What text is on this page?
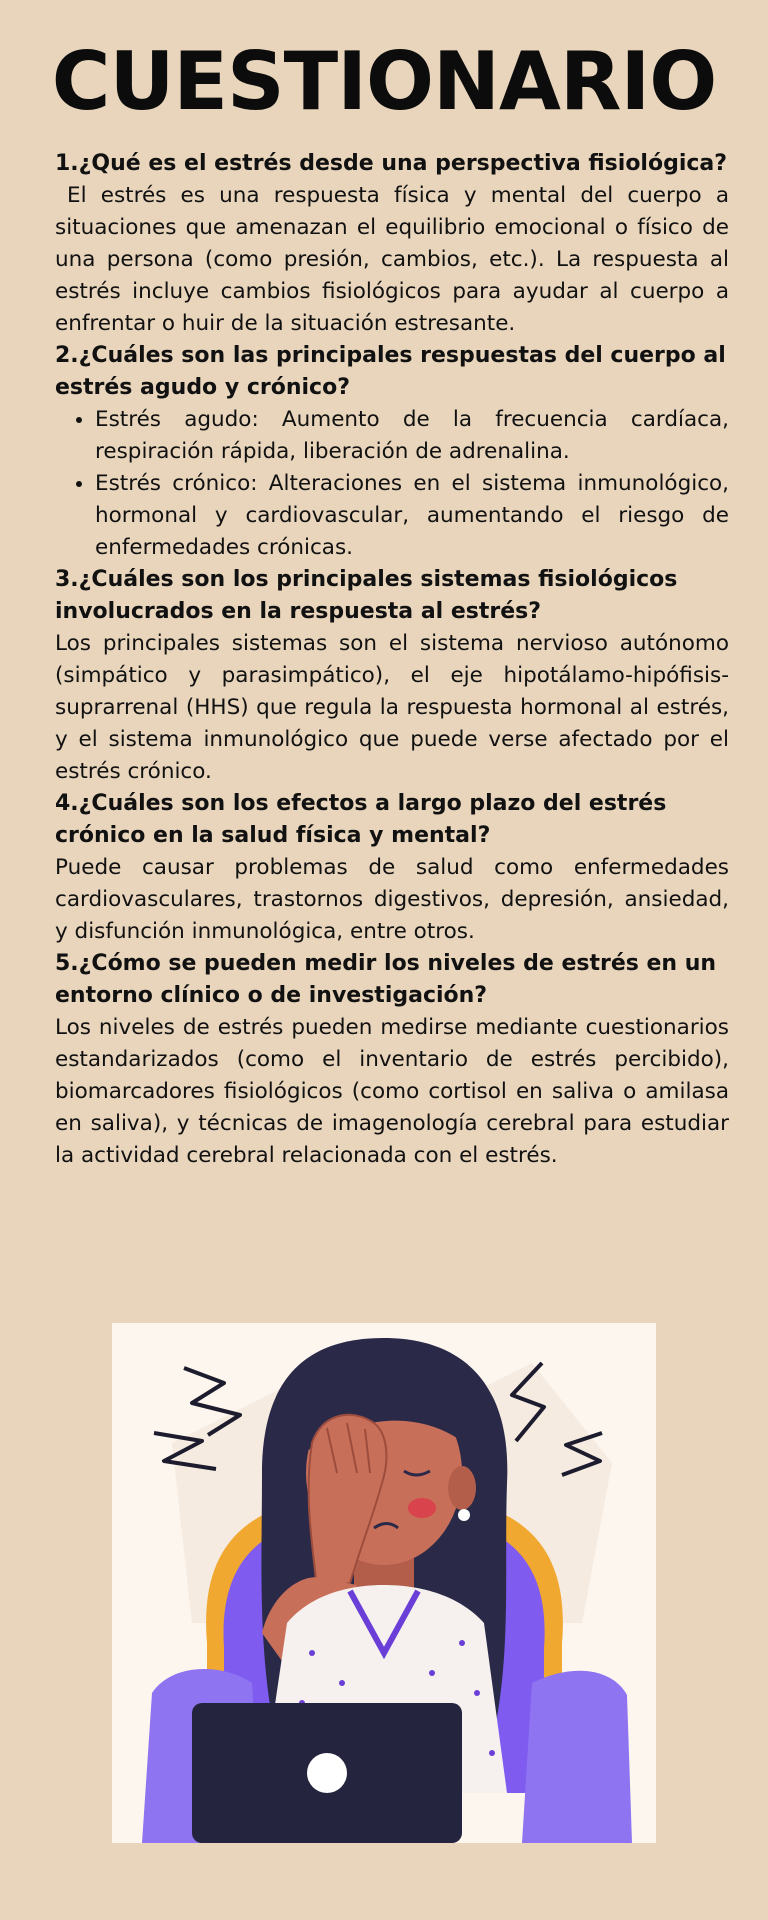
CUESTIONARIO

1.¿Qué es el estrés desde una perspectiva fisiológica?

El estrés es una respuesta física y mental del cuerpo a situaciones que amenazan el equilibrio emocional o físico de una persona (como presión, cambios, etc.). La respuesta al estrés incluye cambios fisiológicos para ayudar al cuerpo a enfrentar o huir de la situación estresante.

2.¿Cuáles son las principales respuestas del cuerpo al estrés agudo y crónico?

• Estrés agudo: Aumento de la frecuencia cardíaca, respiración rápida, liberación de adrenalina.
• Estrés crónico: Alteraciones en el sistema inmunológico, hormonal y cardiovascular, aumentando el riesgo de enfermedades crónicas.

3.¿Cuáles son los principales sistemas fisiológicos involucrados en la respuesta al estrés?

Los principales sistemas son el sistema nervioso autónomo (simpático y parasimpático), el eje hipotálamo-hipófisis-suprarrenal (HHS) que regula la respuesta hormonal al estrés, y el sistema inmunológico que puede verse afectado por el estrés crónico.

4.¿Cuáles son los efectos a largo plazo del estrés crónico en la salud física y mental?

Puede causar problemas de salud como enfermedades cardiovasculares, trastornos digestivos, depresión, ansiedad, y disfunción inmunológica, entre otros.

5.¿Cómo se pueden medir los niveles de estrés en un entorno clínico o de investigación?

Los niveles de estrés pueden medirse mediante cuestionarios estandarizados (como el inventario de estrés percibido), biomarcadores fisiológicos (como cortisol en saliva o amilasa en saliva), y técnicas de imagenología cerebral para estudiar la actividad cerebral relacionada con el estrés.
